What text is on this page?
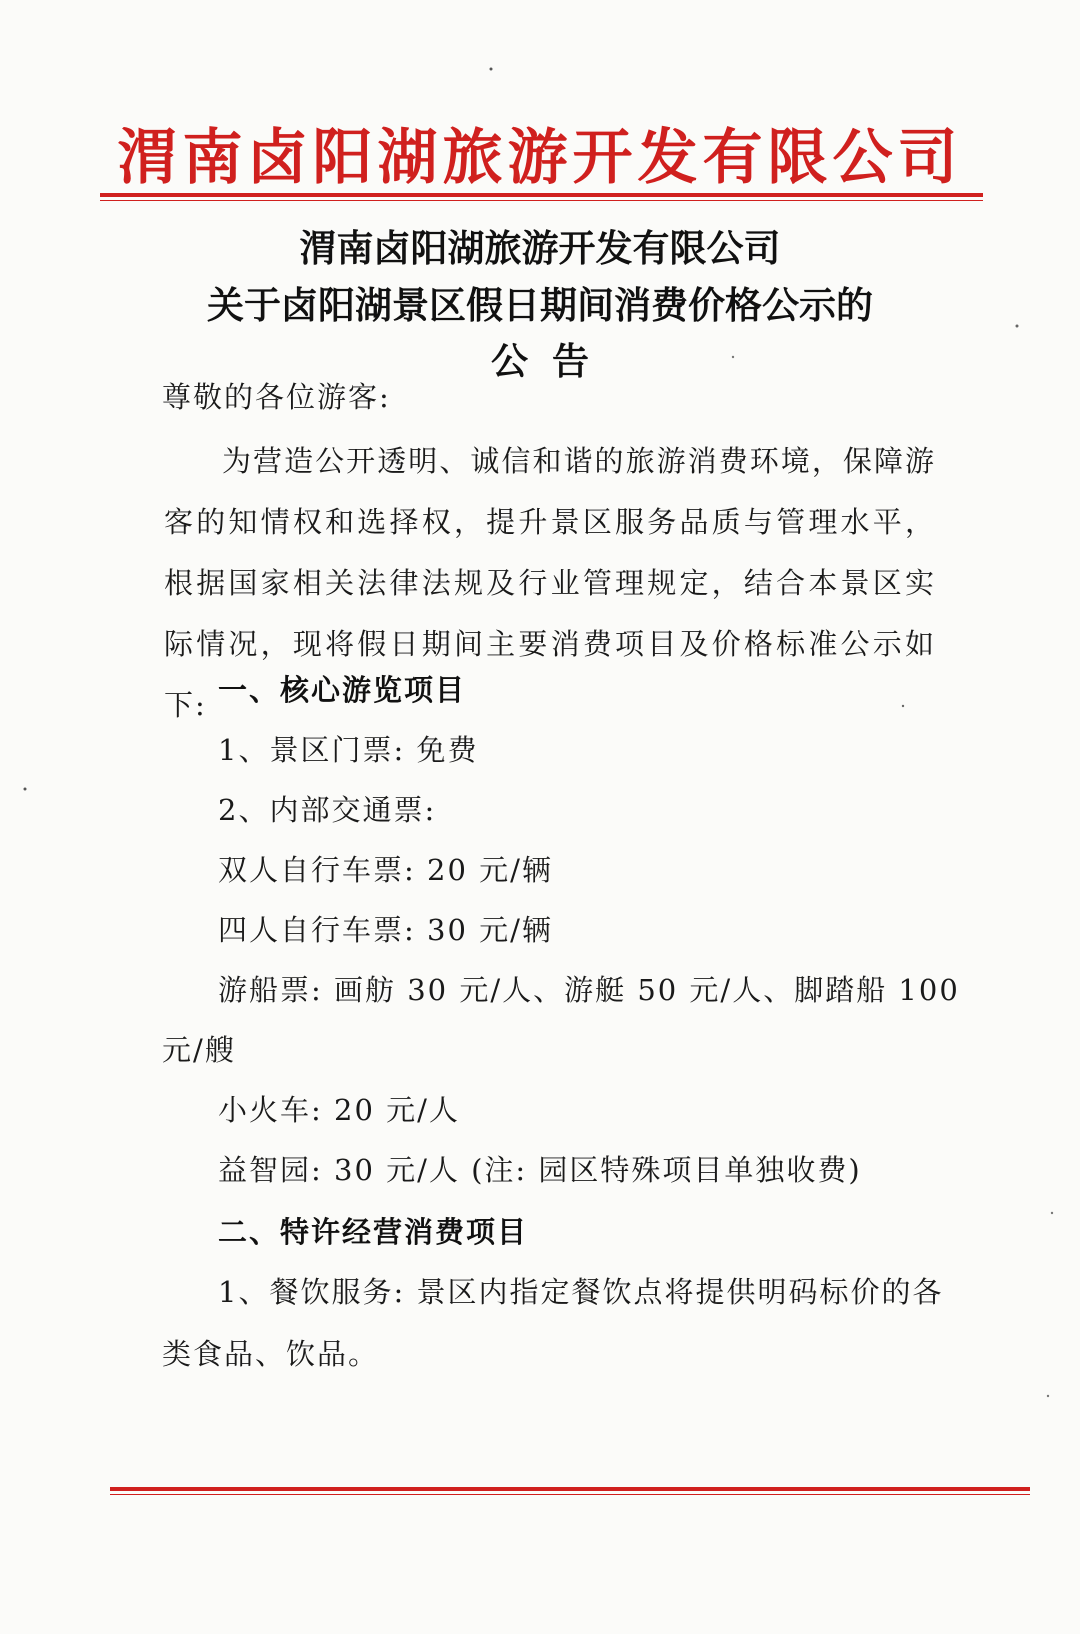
渭南卤阳湖旅游开发有限公司
渭南卤阳湖旅游开发有限公司
关于卤阳湖景区假日期间消费价格公示的
公告
尊敬的各位游客:
为营造公开透明、诚信和谐的旅游消费环境，保障游客的知情权和选择权，提升景区服务品质与管理水平，根据国家相关法律法规及行业管理规定，结合本景区实际情况，现将假日期间主要消费项目及价格标准公示如下: 一、核心游览项目
1、景区门票: 免费
2、内部交通票:
双人自行车票: 20 元/辆
四人自行车票: 30 元/辆
游船票: 画舫 30 元/人、游艇 50 元/人、脚踏船 100
元/艘
小火车: 20 元/人
益智园: 30 元/人 (注: 园区特殊项目单独收费)
二、特许经营消费项目
1、餐饮服务: 景区内指定餐饮点将提供明码标价的各
类食品、饮品。
